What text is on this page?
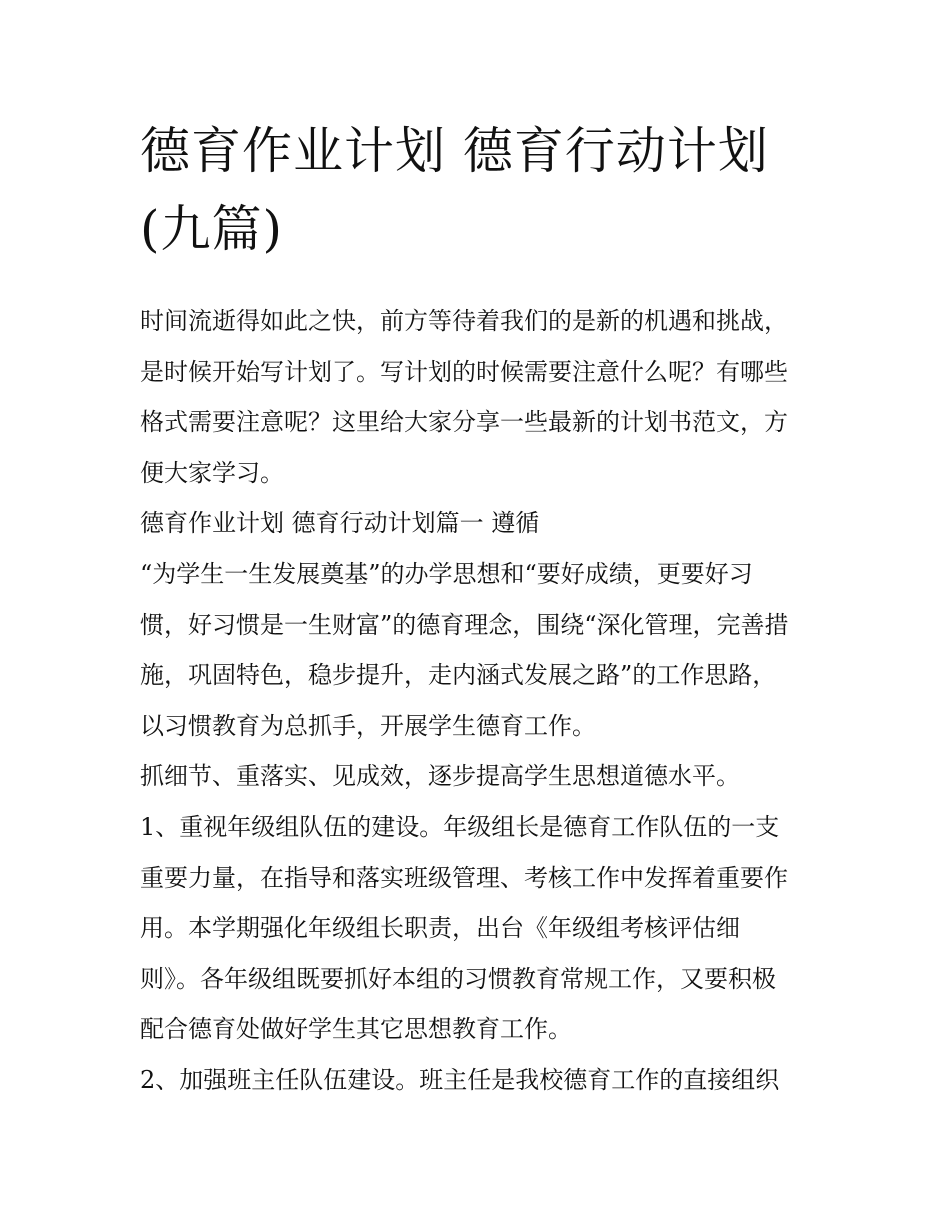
德育作业计划 德育行动计划
(九篇)

时间流逝得如此之快，前方等待着我们的是新的机遇和挑战，

是时候开始写计划了。写计划的时候需要注意什么呢？有哪些

格式需要注意呢？这里给大家分享一些最新的计划书范文，方

便大家学习。

德育作业计划 德育行动计划篇一 遵循

“为学生一生发展奠基”的办学思想和“要好成绩，更要好习

惯，好习惯是一生财富”的德育理念，围绕“深化管理，完善措

施，巩固特色，稳步提升，走内涵式发展之路”的工作思路，

以习惯教育为总抓手，开展学生德育工作。

抓细节、重落实、见成效，逐步提高学生思想道德水平。

1、重视年级组队伍的建设。年级组长是德育工作队伍的一支

重要力量，在指导和落实班级管理、考核工作中发挥着重要作

用。本学期强化年级组长职责，出台《年级组考核评估细

则》。各年级组既要抓好本组的习惯教育常规工作，又要积极

配合德育处做好学生其它思想教育工作。

2、加强班主任队伍建设。班主任是我校德育工作的直接组织
